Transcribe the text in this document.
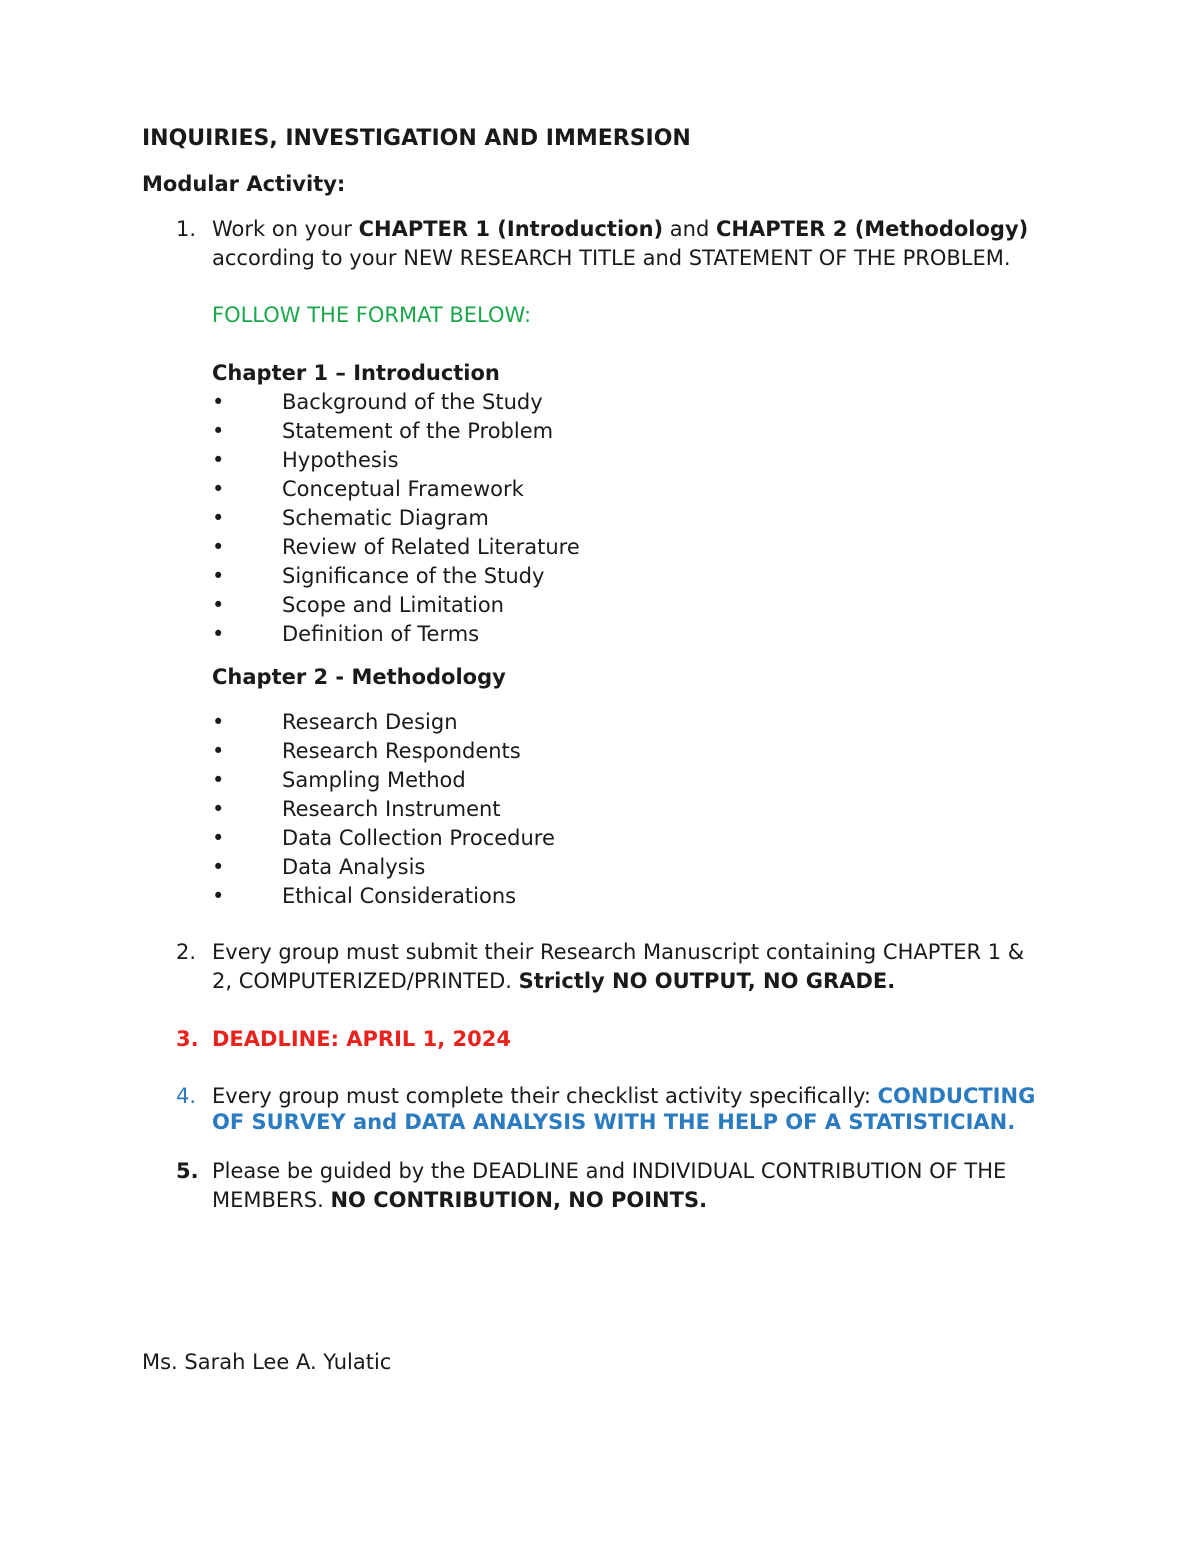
INQUIRIES, INVESTIGATION AND IMMERSION
Modular Activity:
1. Work on your CHAPTER 1 (Introduction) and CHAPTER 2 (Methodology)
according to your NEW RESEARCH TITLE and STATEMENT OF THE PROBLEM.
FOLLOW THE FORMAT BELOW:
Chapter 1 – Introduction
•	Background of the Study
•	Statement of the Problem
•	Hypothesis
•	Conceptual Framework
•	Schematic Diagram
•	Review of Related Literature
•	Significance of the Study
•	Scope and Limitation
•	Definition of Terms
Chapter 2 - Methodology
•	Research Design
•	Research Respondents
•	Sampling Method
•	Research Instrument
•	Data Collection Procedure
•	Data Analysis
•	Ethical Considerations
2. Every group must submit their Research Manuscript containing CHAPTER 1 &
2, COMPUTERIZED/PRINTED. Strictly NO OUTPUT, NO GRADE.
3. DEADLINE: APRIL 1, 2024
4. Every group must complete their checklist activity specifically: CONDUCTING
OF SURVEY and DATA ANALYSIS WITH THE HELP OF A STATISTICIAN.
5. Please be guided by the DEADLINE and INDIVIDUAL CONTRIBUTION OF THE
MEMBERS. NO CONTRIBUTION, NO POINTS.
Ms. Sarah Lee A. Yulatic
